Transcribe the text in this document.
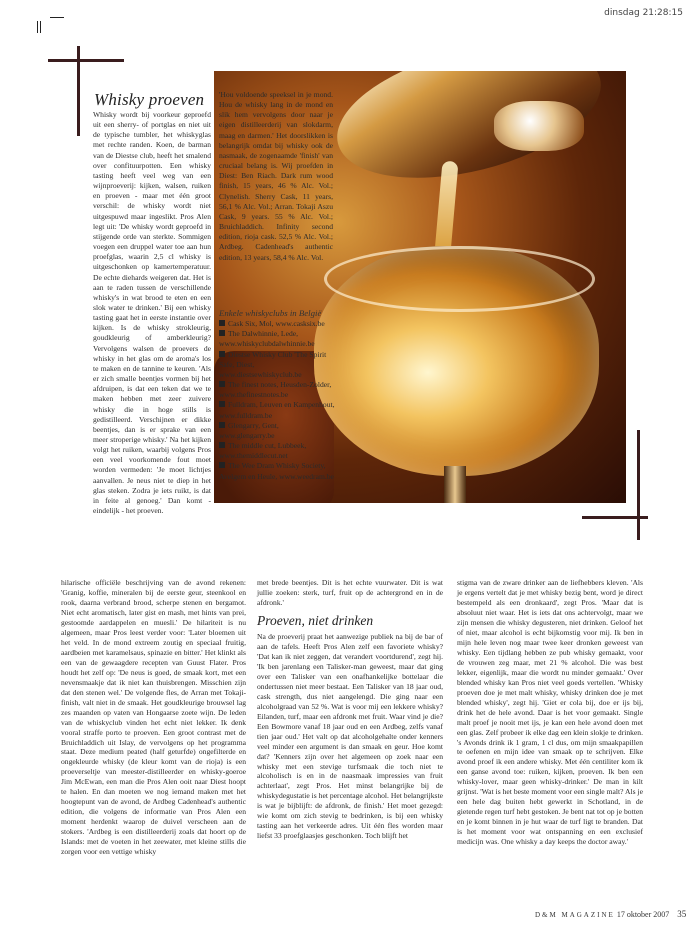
dinsdag 21:28:15
Whisky proeven

Whisky wordt bij voorkeur geproefd uit een sherry- of portglas en niet uit de typische tumbler, het whiskyglas met rechte randen. Koen, de barman van de Diestse club, heeft het smalend over confituurpotten. Een whisky tasting heeft veel weg van een wijnproeverij: kijken, walsen, ruiken en proeven - maar met één groot verschil: de whisky wordt niet uitgespuwd maar ingeslikt. Pros Alen legt uit: 'De whisky wordt geproefd in stijgende orde van sterkte. Sommigen voegen een druppel water toe aan hun proefglas, waarin 2,5 cl whisky is uitgeschonken op kamertemperatuur. De echte diehards weigeren dat. Het is aan te raden tussen de verschillende whisky's in wat brood te eten en een slok water te drinken.' Bij een whisky tasting gaat het in eerste instantie over kijken. Is de whisky strokleurig, goudkleurig of amberkleurig? Vervolgens walsen de proevers de whisky in het glas om de aroma's los te maken en de tannine te keuren. 'Als er zich smalle beentjes vormen bij het afdruipen, is dat een teken dat we te maken hebben met zeer zuivere whisky die in hoge stills is gedistilleerd. Verschijnen er dikke beentjes, dan is er sprake van een meer stroperige whisky.' Na het kijken volgt het ruiken, waarbij volgens Pros een veel voorkomende fout moet worden vermeden: 'Je moet lichtjes aanvallen. Je neus niet te diep in het glas steken. Zodra je iets ruikt, is dat in feite al genoeg.' Dan komt - eindelijk - het proeven.

'Hou voldoende speeksel in je mond. Hou de whisky lang in de mond en slik hem vervolgens door naar je eigen distilleerderij van slokdarm, maag en darmen.' Het doorslikken is belangrijk omdat bij whisky ook de nasmaak, de zogenaamde 'finish' van cruciaal belang is. Wij proefden in Diest: Ben Riach. Dark rum wood finish, 15 years, 46 % Alc. Vol.; Clynelish. Sherry Cask, 11 years, 56,1 % Alc. Vol.; Arran. Tokaji Aszu Cask, 9 years. 55 % Alc. Vol.; Bruichladdich. Infinity second edition, rioja cask. 52,5 % Alc. Vol.; Ardbeg. Cadenhead's authentic edition, 13 years, 58,4 % Alc. Vol.

Enkele whiskyclubs in België
Cask Six, Mol, www.casksix.be
The Dalwhinnie, Lede, www.whiskyclubdalwhinnie.be
Diestse Whisky Club 'The Spirit Safe, Diest, www.diestsewhiskyclub.be
The finest notes, Heusden-Zolder, www.thefinestnotes.be
Fulldram, Leuven en Kampenhout, www.fulldram.be
Glengarry, Gent, www.glengarry.be
The middle cut, Lubbeek, www.themiddlecut.net
The Wee Dram Whisky Society, Avelgem en Heule, www.weedram.be

hilarische officiële beschrijving van de avond rekenen: 'Granig, koffie, mineralen bij de eerste geur, steenkool en rook, daarna verbrand brood, scherpe stenen en bergamot. Niet echt aromatisch, later gist en mash, met hints van prei, gestoomde aardappelen en muesli.' De hilariteit is nu algemeen, maar Pros leest verder voor: 'Later bloemen uit het veld. In de mond extreem zoutig en speciaal fruitig, aardbeien met karamelsaus, spinazie en bitter.' Het klinkt als een van de gewaagdere recepten van Guust Flater. Pros houdt het zelf op: 'De neus is goed, de smaak kort, met een nevensmaakje dat ik niet kan thuisbrengen. Misschien zijn dat den stenen wel.' De volgende fles, de Arran met Tokaji-finish, valt niet in de smaak. Het goudkleurige brouwsel lag zes maanden op vaten van Hongaarse zoete wijn. De leden van de whiskyclub vinden het echt niet lekker. Ik denk vooral straffe porto te proeven. Een groot contrast met de Bruichladdich uit Islay, de vervolgens op het programma staat. Deze medium peated (half geturfde) ongefilterde en ongekleurde whisky (de kleur komt van de rioja) is een proeverseltje van meester-distilleerder en whisky-goeroe Jim McEwan, een man die Pros Alen ooit naar Diest hoopt te halen. En dan moeten we nog iemand maken met het hoogtepunt van de avond, de Ardbeg Cadenhead's authentic edition, die volgens de informatie van Pros Alen een moment herdenkt waarop de duivel verscheen aan de stokers. 'Ardbeg is een distilleerderij zoals dat hoort op de Islands: met de voeten in het zeewater, met kleine stills die zorgen voor een vettige whisky

met brede beentjes. Dit is het echte vuurwater. Dit is wat jullie zoeken: sterk, turf, fruit op de achtergrond en in de afdronk.'

Proeven, niet drinken

Na de proeverij praat het aanwezige publiek na bij de bar of aan de tafels. Heeft Pros Alen zelf een favoriete whisky? 'Dat kan ik niet zeggen, dat verandert voortdurend', zegt hij. 'Ik ben jarenlang een Talisker-man geweest, maar dat ging over een Talisker van een onafhankelijke bottelaar die ondertussen niet meer bestaat. Een Talisker van 18 jaar oud, cask strength, dus niet aangelengd. Die ging naar een alcoholgraad van 52 %. Wat is voor mij een lekkere whisky? Eilanden, turf, maar een afdronk met fruit. Waar vind je die? Een Bowmore vanaf 18 jaar oud en een Ardbeg, zelfs vanaf tien jaar oud.' Het valt op dat alcoholgehalte onder kenners veel minder een argument is dan smaak en geur. Hoe komt dat? 'Kenners zijn over het algemeen op zoek naar een whisky met een stevige turfsmaak die toch niet te alcoholisch is en in de naasmaak impressies van fruit achterlaat', zegt Pros. Het minst belangrijke bij de whiskydegustatie is het percentage alcohol. Het belangrijkste is wat je bijblijft: de afdronk, de finish.' Het moet gezegd: wie komt om zich stevig te bedrinken, is bij een whisky tasting aan het verkeerde adres. Uit één fles worden maar liefst 33 proefglaasjes geschonken. Toch blijft het

stigma van de zware drinker aan de liefhebbers kleven. 'Als je ergens vertelt dat je met whisky bezig bent, word je direct bestempeld als een dronkaard', zegt Pros. 'Maar dat is absoluut niet waar. Het is iets dat ons achtervolgt, maar we zijn mensen die whisky degusteren, niet drinken. Geloof het of niet, maar alcohol is echt bijkomstig voor mij. Ik ben in mijn hele leven nog maar twee keer dronken geweest van whisky. Een tijdlang hebben ze pub whisky gemaakt, voor de vrouwen zeg maar, met 21 % alcohol. Die was best lekker, eigenlijk, maar die wordt nu minder gemaakt.' Over blended whisky kan Pros niet veel goeds vertellen. 'Whisky proeven doe je met malt whisky, whisky drinken doe je met blended whisky', zegt hij. 'Giet er cola bij, doe er ijs bij, drink het de hele avond. Daar is het voor gemaakt. Single malt proef je nooit met ijs, je kan een hele avond doen met een glas. Zelf probeer ik elke dag een klein slokje te drinken. 's Avonds drink ik 1 gram, 1 cl dus, om mijn smaakpapillen te oefenen en mijn idee van smaak op te schrijven. Elke avond proef ik een andere whisky. Met één centiliter kom ik een ganse avond toe: ruiken, kijken, proeven. Ik ben een whisky-lover, maar geen whisky-drinker.' De man in kilt grijnst. 'Wat is het beste moment voor een single malt? Als je een hele dag buiten hebt gewerkt in Schotland, in de gietende regen turf hebt gestoken. Je bent nat tot op je botten en je komt binnen in je hut waar de turf ligt te branden. Dat is het moment voor wat ontspanning en een exclusief medicijn was. One whisky a day keeps the doctor away.'

D&M MAGAZINE 17 oktober 2007 35
